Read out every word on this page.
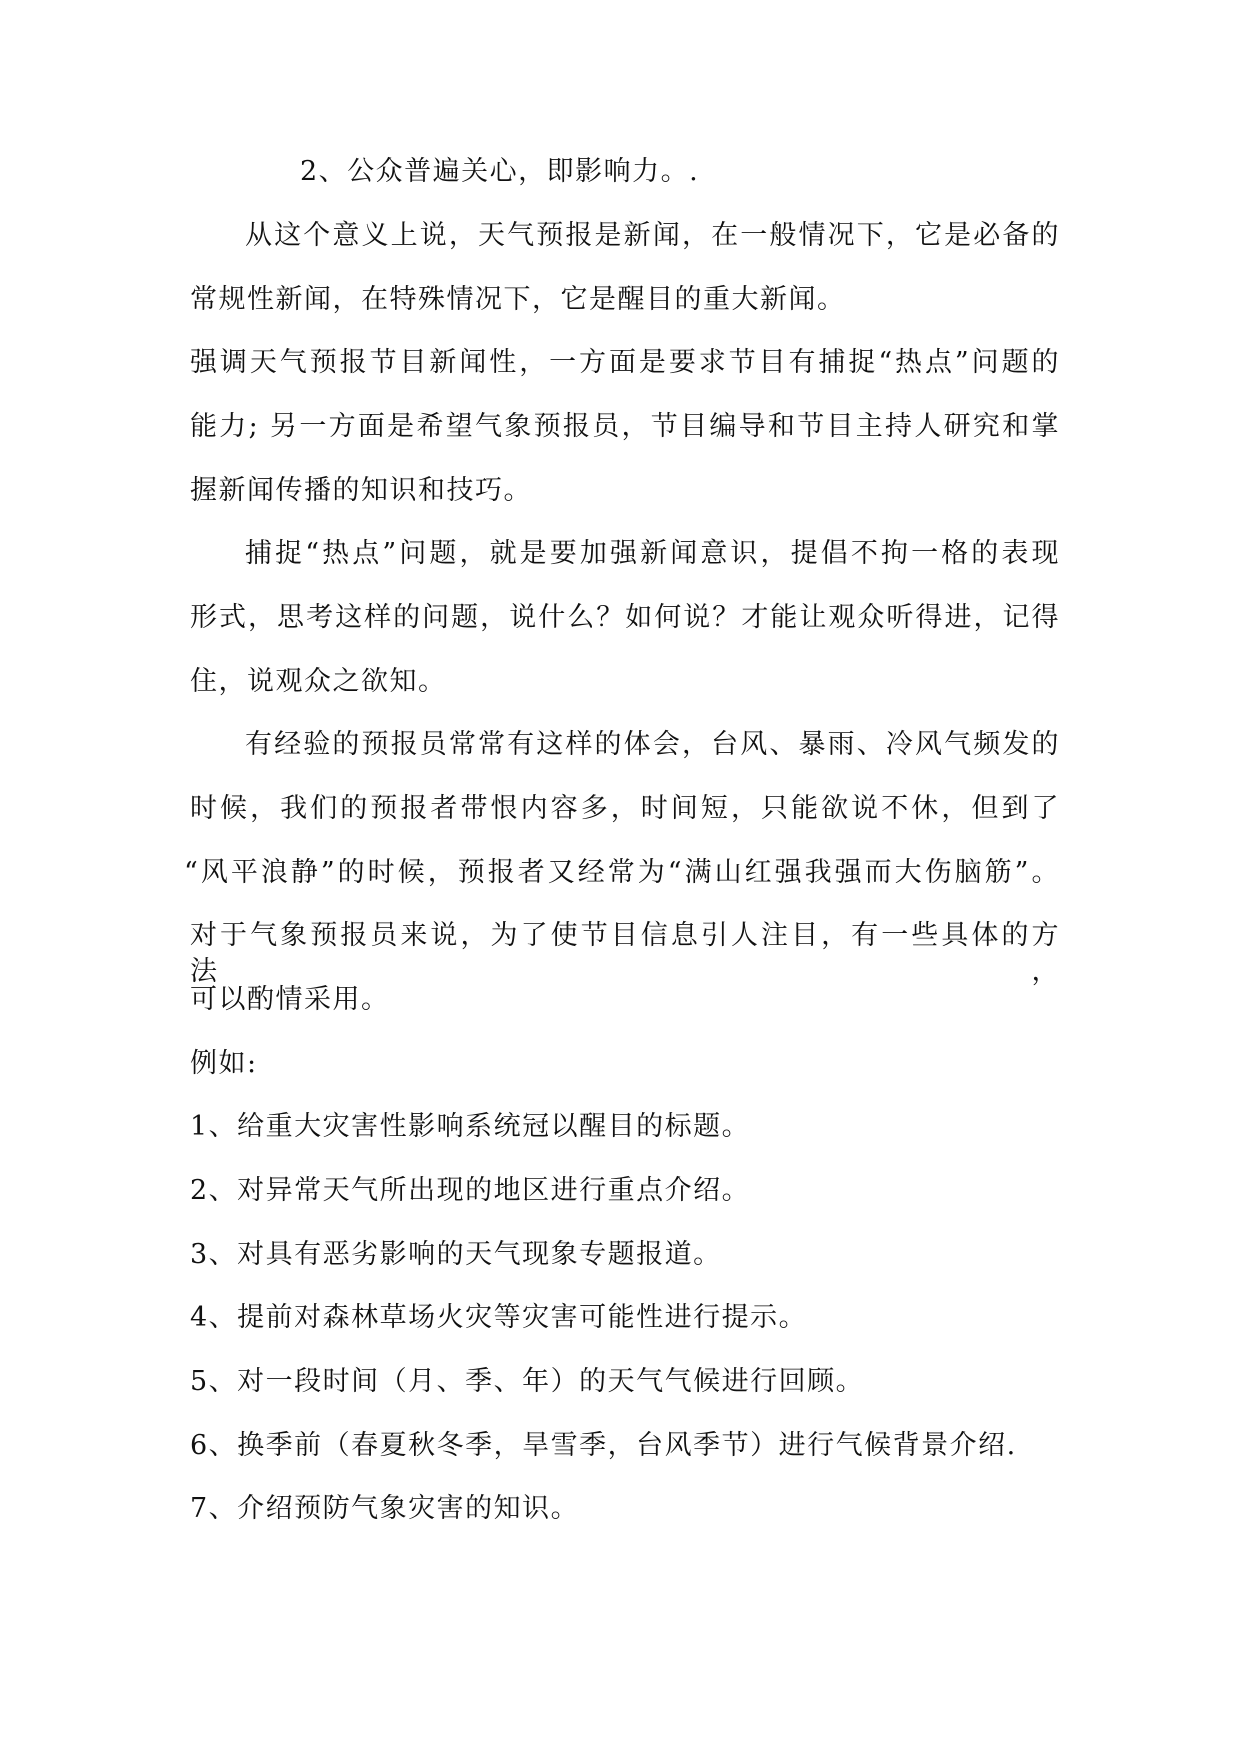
2、公众普遍关心，即影响力。.

从这个意义上说，天气预报是新闻，在一般情况下，它是必备的

常规性新闻，在特殊情况下，它是醒目的重大新闻。

强调天气预报节目新闻性，一方面是要求节目有捕捉“热点”问题的

能力; 另一方面是希望气象预报员，节目编导和节目主持人研究和掌

握新闻传播的知识和技巧。

捕捉“热点”问题，就是要加强新闻意识，提倡不拘一格的表现

形式，思考这样的问题，说什么？如何说？才能让观众听得进，记得

住，说观众之欲知。

有经验的预报员常常有这样的体会，台风、暴雨、冷风气频发的

时候，我们的预报者带恨内容多，时间短，只能欲说不休，但到了

“风平浪静”的时候，预报者又经常为“满山红强我强而大伤脑筋”。

对于气象预报员来说，为了使节目信息引人注目，有一些具体的方法，

可以酌情采用。

例如:

1、给重大灾害性影响系统冠以醒目的标题。

2、对异常天气所出现的地区进行重点介绍。

3、对具有恶劣影响的天气现象专题报道。

4、提前对森林草场火灾等灾害可能性进行提示。

5、对一段时间（月、季、年）的天气气候进行回顾。

6、换季前（春夏秋冬季，旱雪季，台风季节）进行气候背景介绍.

7、介绍预防气象灾害的知识。
